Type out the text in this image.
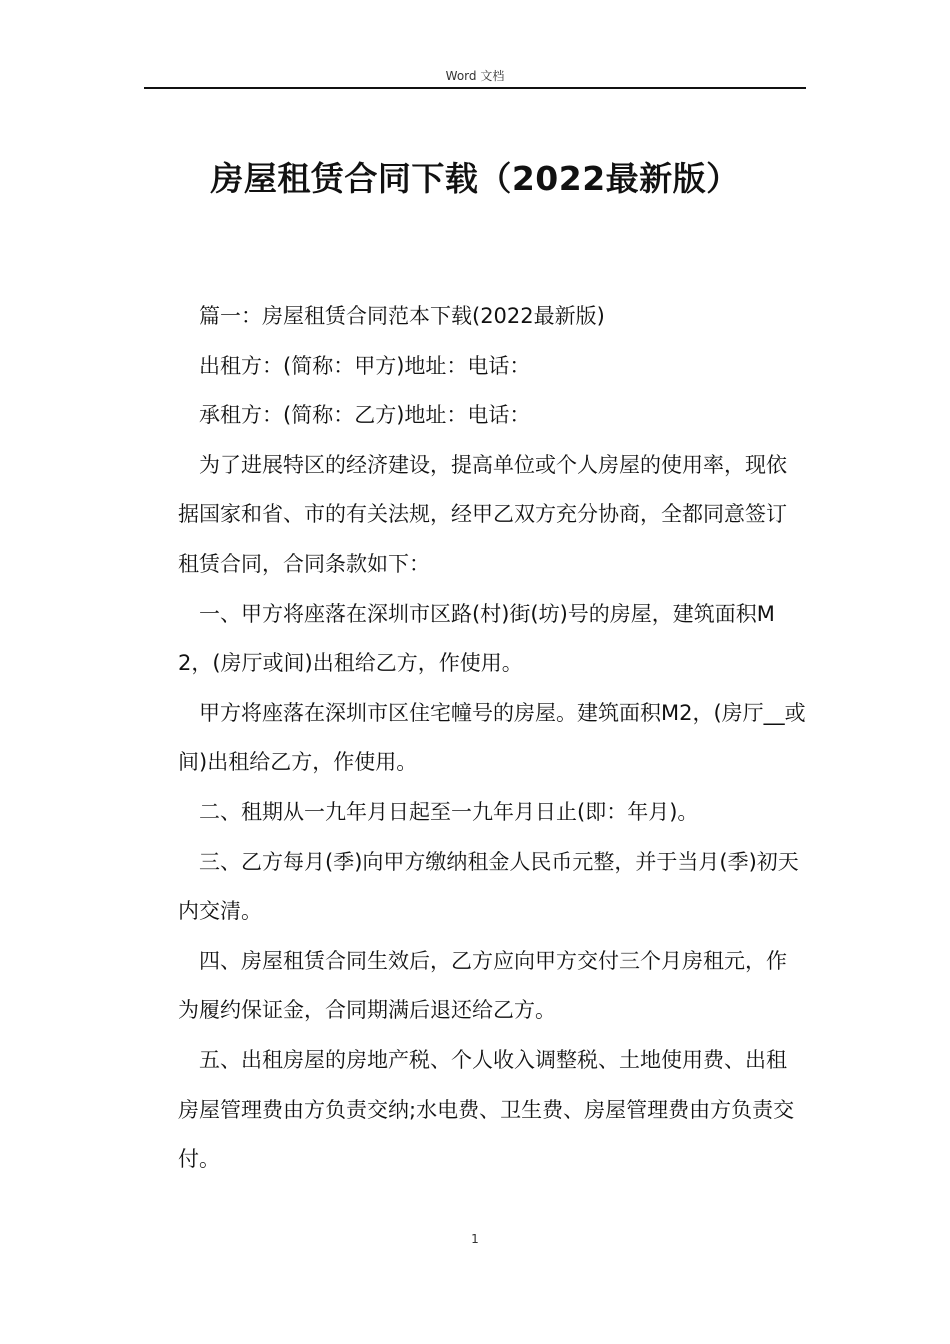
Word 文档
房屋租赁合同下载（2022最新版）

篇一：房屋租赁合同范本下载(2022最新版)

出租方：(简称：甲方)地址：电话：

承租方：(简称：乙方)地址：电话：

为了进展特区的经济建设，提高单位或个人房屋的使用率，现依据国家和省、市的有关法规，经甲乙双方充分协商，全都同意签订租赁合同，合同条款如下：

一、甲方将座落在深圳市区路(村)街(坊)号的房屋，建筑面积M2，(房厅或间)出租给乙方，作使用。

甲方将座落在深圳市区住宅幢号的房屋。建筑面积M2，(房厅__或间)出租给乙方，作使用。

二、租期从一九年月日起至一九年月日止(即：年月)。

三、乙方每月(季)向甲方缴纳租金人民币元整，并于当月(季)初天内交清。

四、房屋租赁合同生效后，乙方应向甲方交付三个月房租元，作为履约保证金，合同期满后退还给乙方。

五、出租房屋的房地产税、个人收入调整税、土地使用费、出租房屋管理费由方负责交纳;水电费、卫生费、房屋管理费由方负责交付。

1
